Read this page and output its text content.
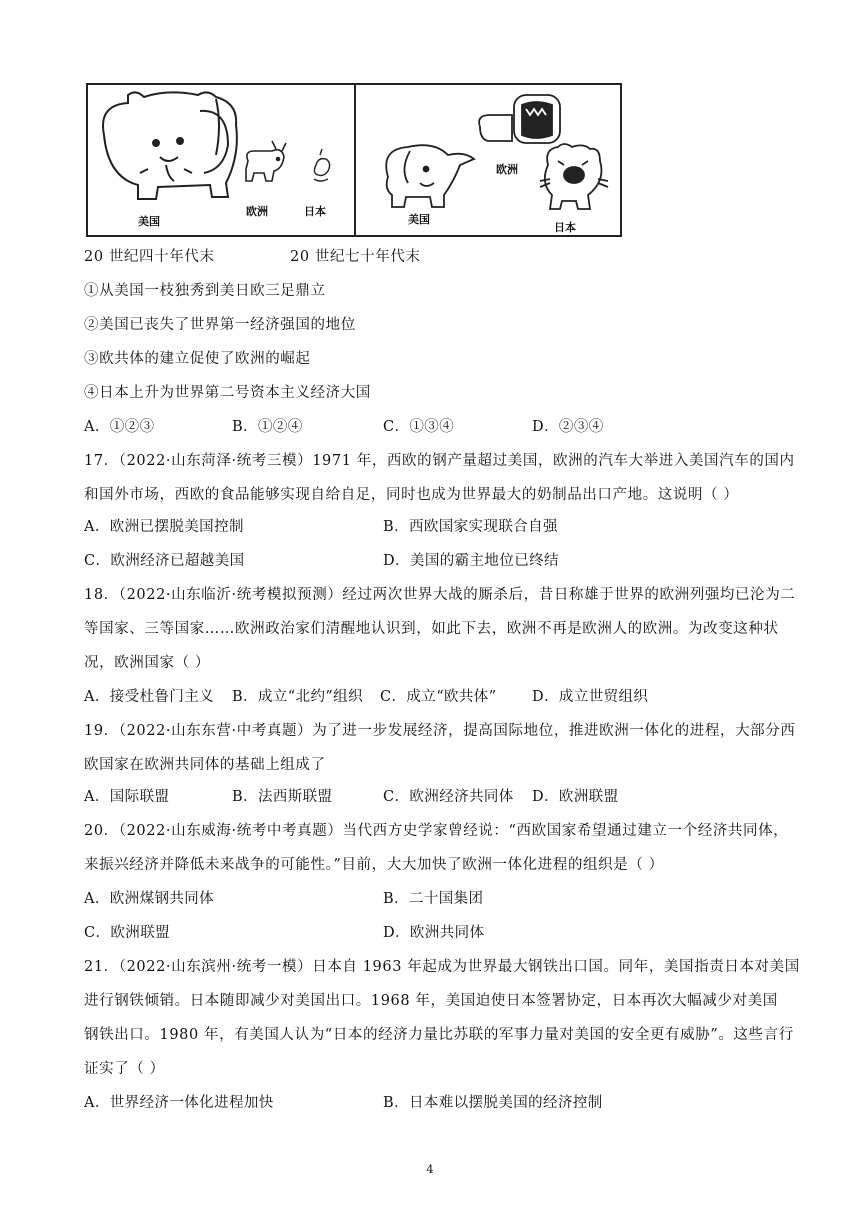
美国
欧洲	日本
美国
欧洲
日本
20 世纪四十年代末	20 世纪七十年代末
①从美国一枝独秀到美日欧三足鼎立
②美国已丧失了世界第一经济强国的地位
③欧共体的建立促使了欧洲的崛起
④日本上升为世界第二号资本主义经济大国
A．①②③	B．①②④	C．①③④	D．②③④
17．（2022·山东菏泽·统考三模）1971 年，西欧的钢产量超过美国，欧洲的汽车大举进入美国汽车的国内
和国外市场，西欧的食品能够实现自给自足，同时也成为世界最大的奶制品出口产地。这说明（ ）
A．欧洲已摆脱美国控制	B．西欧国家实现联合自强
C．欧洲经济已超越美国	D．美国的霸主地位已终结
18．（2022·山东临沂·统考模拟预测）经过两次世界大战的厮杀后，昔日称雄于世界的欧洲列强均已沦为二
等国家、三等国家……欧洲政治家们清醒地认识到，如此下去，欧洲不再是欧洲人的欧洲。为改变这种状
况，欧洲国家（ ）
A．接受杜鲁门主义 B．成立“北约”组织 C．成立“欧共体” D．成立世贸组织
19．（2022·山东东营·中考真题）为了进一步发展经济，提高国际地位，推进欧洲一体化的进程，大部分西
欧国家在欧洲共同体的基础上组成了
A．国际联盟	B．法西斯联盟	C．欧洲经济共同体 D．欧洲联盟
20．（2022·山东威海·统考中考真题）当代西方史学家曾经说：“西欧国家希望通过建立一个经济共同体，
来振兴经济并降低未来战争的可能性。”目前，大大加快了欧洲一体化进程的组织是（ ）
A．欧洲煤钢共同体	B．二十国集团
C．欧洲联盟	D．欧洲共同体
21．（2022·山东滨州·统考一模）日本自 1963 年起成为世界最大钢铁出口国。同年，美国指责日本对美国
进行钢铁倾销。日本随即减少对美国出口。1968 年，美国迫使日本签署协定，日本再次大幅减少对美国
钢铁出口。1980 年，有美国人认为“日本的经济力量比苏联的军事力量对美国的安全更有威胁”。这些言行
证实了（ ）
A．世界经济一体化进程加快	B．日本难以摆脱美国的经济控制
4
